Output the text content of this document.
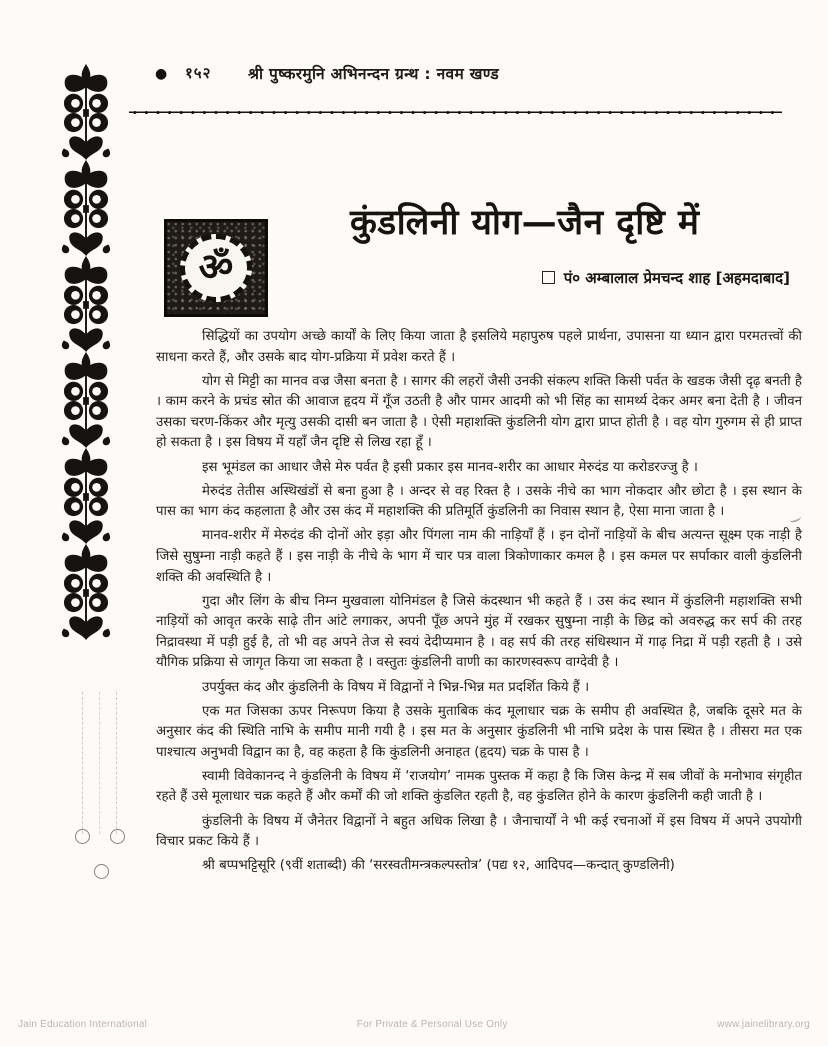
● १५२ श्री पुष्करमुनि अभिनन्दन ग्रन्थ : नवम खण्ड
ॐ
कुंडलिनी योग—जैन दृष्टि में
पं० अम्बालाल प्रेमचन्द शाह [अहमदाबाद]

सिद्धियों का उपयोग अच्छे कार्यों के लिए किया जाता है इसलिये महापुरुष पहले प्रार्थना, उपासना या ध्यान द्वारा परमतत्त्वों की साधना करते हैं, और उसके बाद योग-प्रक्रिया में प्रवेश करते हैं ।

योग से मिट्टी का मानव वज्र जैसा बनता है । सागर की लहरों जैसी उनकी संकल्प शक्ति किसी पर्वत के खडक जैसी दृढ़ बनती है । काम करने के प्रचंड स्रोत की आवाज हृदय में गूँज उठती है और पामर आदमी को भी सिंह का सामर्थ्य देकर अमर बना देती है । जीवन उसका चरण-किंकर और मृत्यु उसकी दासी बन जाता है । ऐसी महाशक्ति कुंडलिनी योग द्वारा प्राप्त होती है । वह योग गुरुगम से ही प्राप्त हो सकता है । इस विषय में यहाँ जैन दृष्टि से लिख रहा हूँ ।

इस भूमंडल का आधार जैसे मेरु पर्वत है इसी प्रकार इस मानव-शरीर का आधार मेरुदंड या करोडरज्जु है ।

मेरुदंड तेतीस अस्थिखंडों से बना हुआ है । अन्दर से वह रिक्त है । उसके नीचे का भाग नोकदार और छोटा है । इस स्थान के पास का भाग कंद कहलाता है और उस कंद में महाशक्ति की प्रतिमूर्ति कुंडलिनी का निवास स्थान है, ऐसा माना जाता है ।

मानव-शरीर में मेरुदंड की दोनों ओर इड़ा और पिंगला नाम की नाड़ियाँ हैं । इन दोनों नाड़ियों के बीच अत्यन्त सूक्ष्म एक नाड़ी है जिसे सुषुम्ना नाड़ी कहते हैं । इस नाड़ी के नीचे के भाग में चार पत्र वाला त्रिकोणाकार कमल है । इस कमल पर सर्पाकार वाली कुंडलिनी शक्ति की अवस्थिति है ।

गुदा और लिंग के बीच निम्न मुखवाला योनिमंडल है जिसे कंदस्थान भी कहते हैं । उस कंद स्थान में कुंडलिनी महाशक्ति सभी नाड़ियों को आवृत करके साढ़े तीन आंटे लगाकर, अपनी पूँछ अपने मुंह में रखकर सुषुम्ना नाड़ी के छिद्र को अवरुद्ध कर सर्प की तरह निद्रावस्था में पड़ी हुई है, तो भी वह अपने तेज से स्वयं देदीप्यमान है । वह सर्प की तरह संधिस्थान में गाढ़ निद्रा में पड़ी रहती है । उसे यौगिक प्रक्रिया से जागृत किया जा सकता है । वस्तुतः कुंडलिनी वाणी का कारणस्वरूप वाग्देवी है ।

उपर्युक्त कंद और कुंडलिनी के विषय में विद्वानों ने भिन्न-भिन्न मत प्रदर्शित किये हैं ।

एक मत जिसका ऊपर निरूपण किया है उसके मुताबिक कंद मूलाधार चक्र के समीप ही अवस्थित है, जबकि दूसरे मत के अनुसार कंद की स्थिति नाभि के समीप मानी गयी है । इस मत के अनुसार कुंडलिनी भी नाभि प्रदेश के पास स्थित है । तीसरा मत एक पाश्चात्य अनुभवी विद्वान का है, वह कहता है कि कुंडलिनी अनाहत (हृदय) चक्र के पास है ।

स्वामी विवेकानन्द ने कुंडलिनी के विषय में ‘राजयोग’ नामक पुस्तक में कहा है कि जिस केन्द्र में सब जीवों के मनोभाव संगृहीत रहते हैं उसे मूलाधार चक्र कहते हैं और कर्मों की जो शक्ति कुंडलित रहती है, वह कुंडलित होने के कारण कुंडलिनी कही जाती है ।

कुंडलिनी के विषय में जैनेतर विद्वानों ने बहुत अधिक लिखा है । जैनाचार्यों ने भी कई रचनाओं में इस विषय में अपने उपयोगी विचार प्रकट किये हैं ।

श्री बप्पभट्टिसूरि (९वीं शताब्दी) की ‘सरस्वतीमन्त्रकल्पस्तोत्र’ (पद्य १२, आदिपद—कन्दात् कुण्डलिनी)

Jain Education International	For Private & Personal Use Only	www.jainelibrary.org
